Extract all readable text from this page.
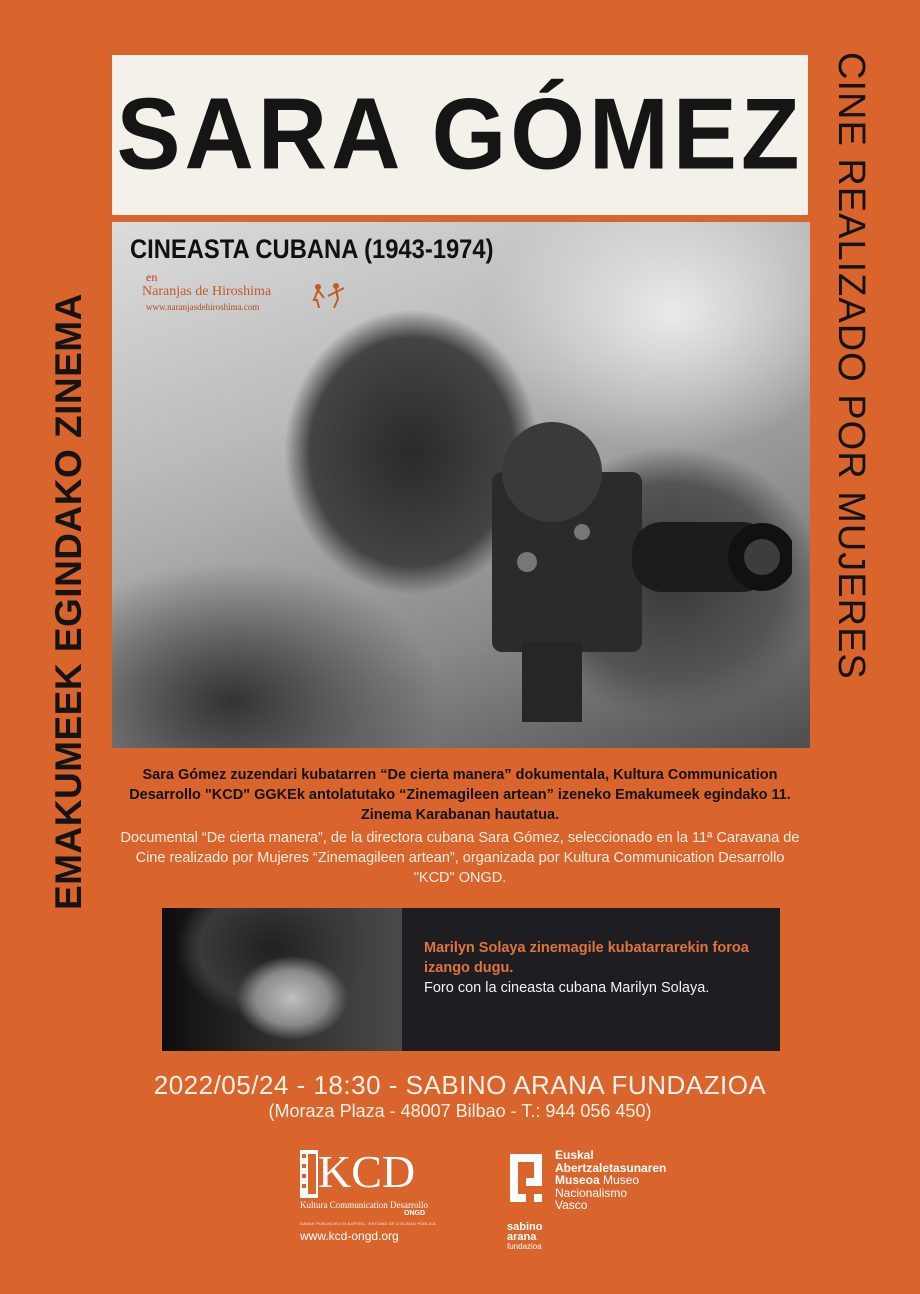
EMAKUMEEK EGINDAKO ZINEMA	CINE REALIZADO POR MUJERES
SARA GÓMEZ
CINEASTA CUBANA (1943-1974)
en
Naranjas de Hiroshima
www.naranjasdehiroshima.com
Sara Gómez zuzendari kubatarren “De cierta manera” dokumentala, Kultura Communication Desarrollo "KCD" GGKEk antolatutako “Zinemagileen artean” izeneko Emakumeek egindako 11. Zinema Karabanan hautatua.
Documental “De cierta manera”, de la directora cubana Sara Gómez, seleccionado en la 11ª Caravana de Cine realizado por Mujeres “Zinemagileen artean”, organizada por Kultura Communication Desarrollo "KCD" ONGD.
Marilyn Solaya zinemagile kubatarrarekin foroa izango dugu.
Foro con la cineasta cubana Marilyn Solaya.
2022/05/24 - 18:30 - SABINO ARANA FUNDAZIOA
(Moraza Plaza - 48007 Bilbao - T.: 944 056 450)
KCD
Kultura Communication Desarrollo
ONGD
DANAK PUBLIKOKO ELKARTEA - ENTIDAD DE UTILIDAD PÚBLICA
www.kcd-ongd.org
Euskal
Abertzaletasunaren
Museoa Museo
Nacionalismo
Vasco
sabino
arana
fundazioa
